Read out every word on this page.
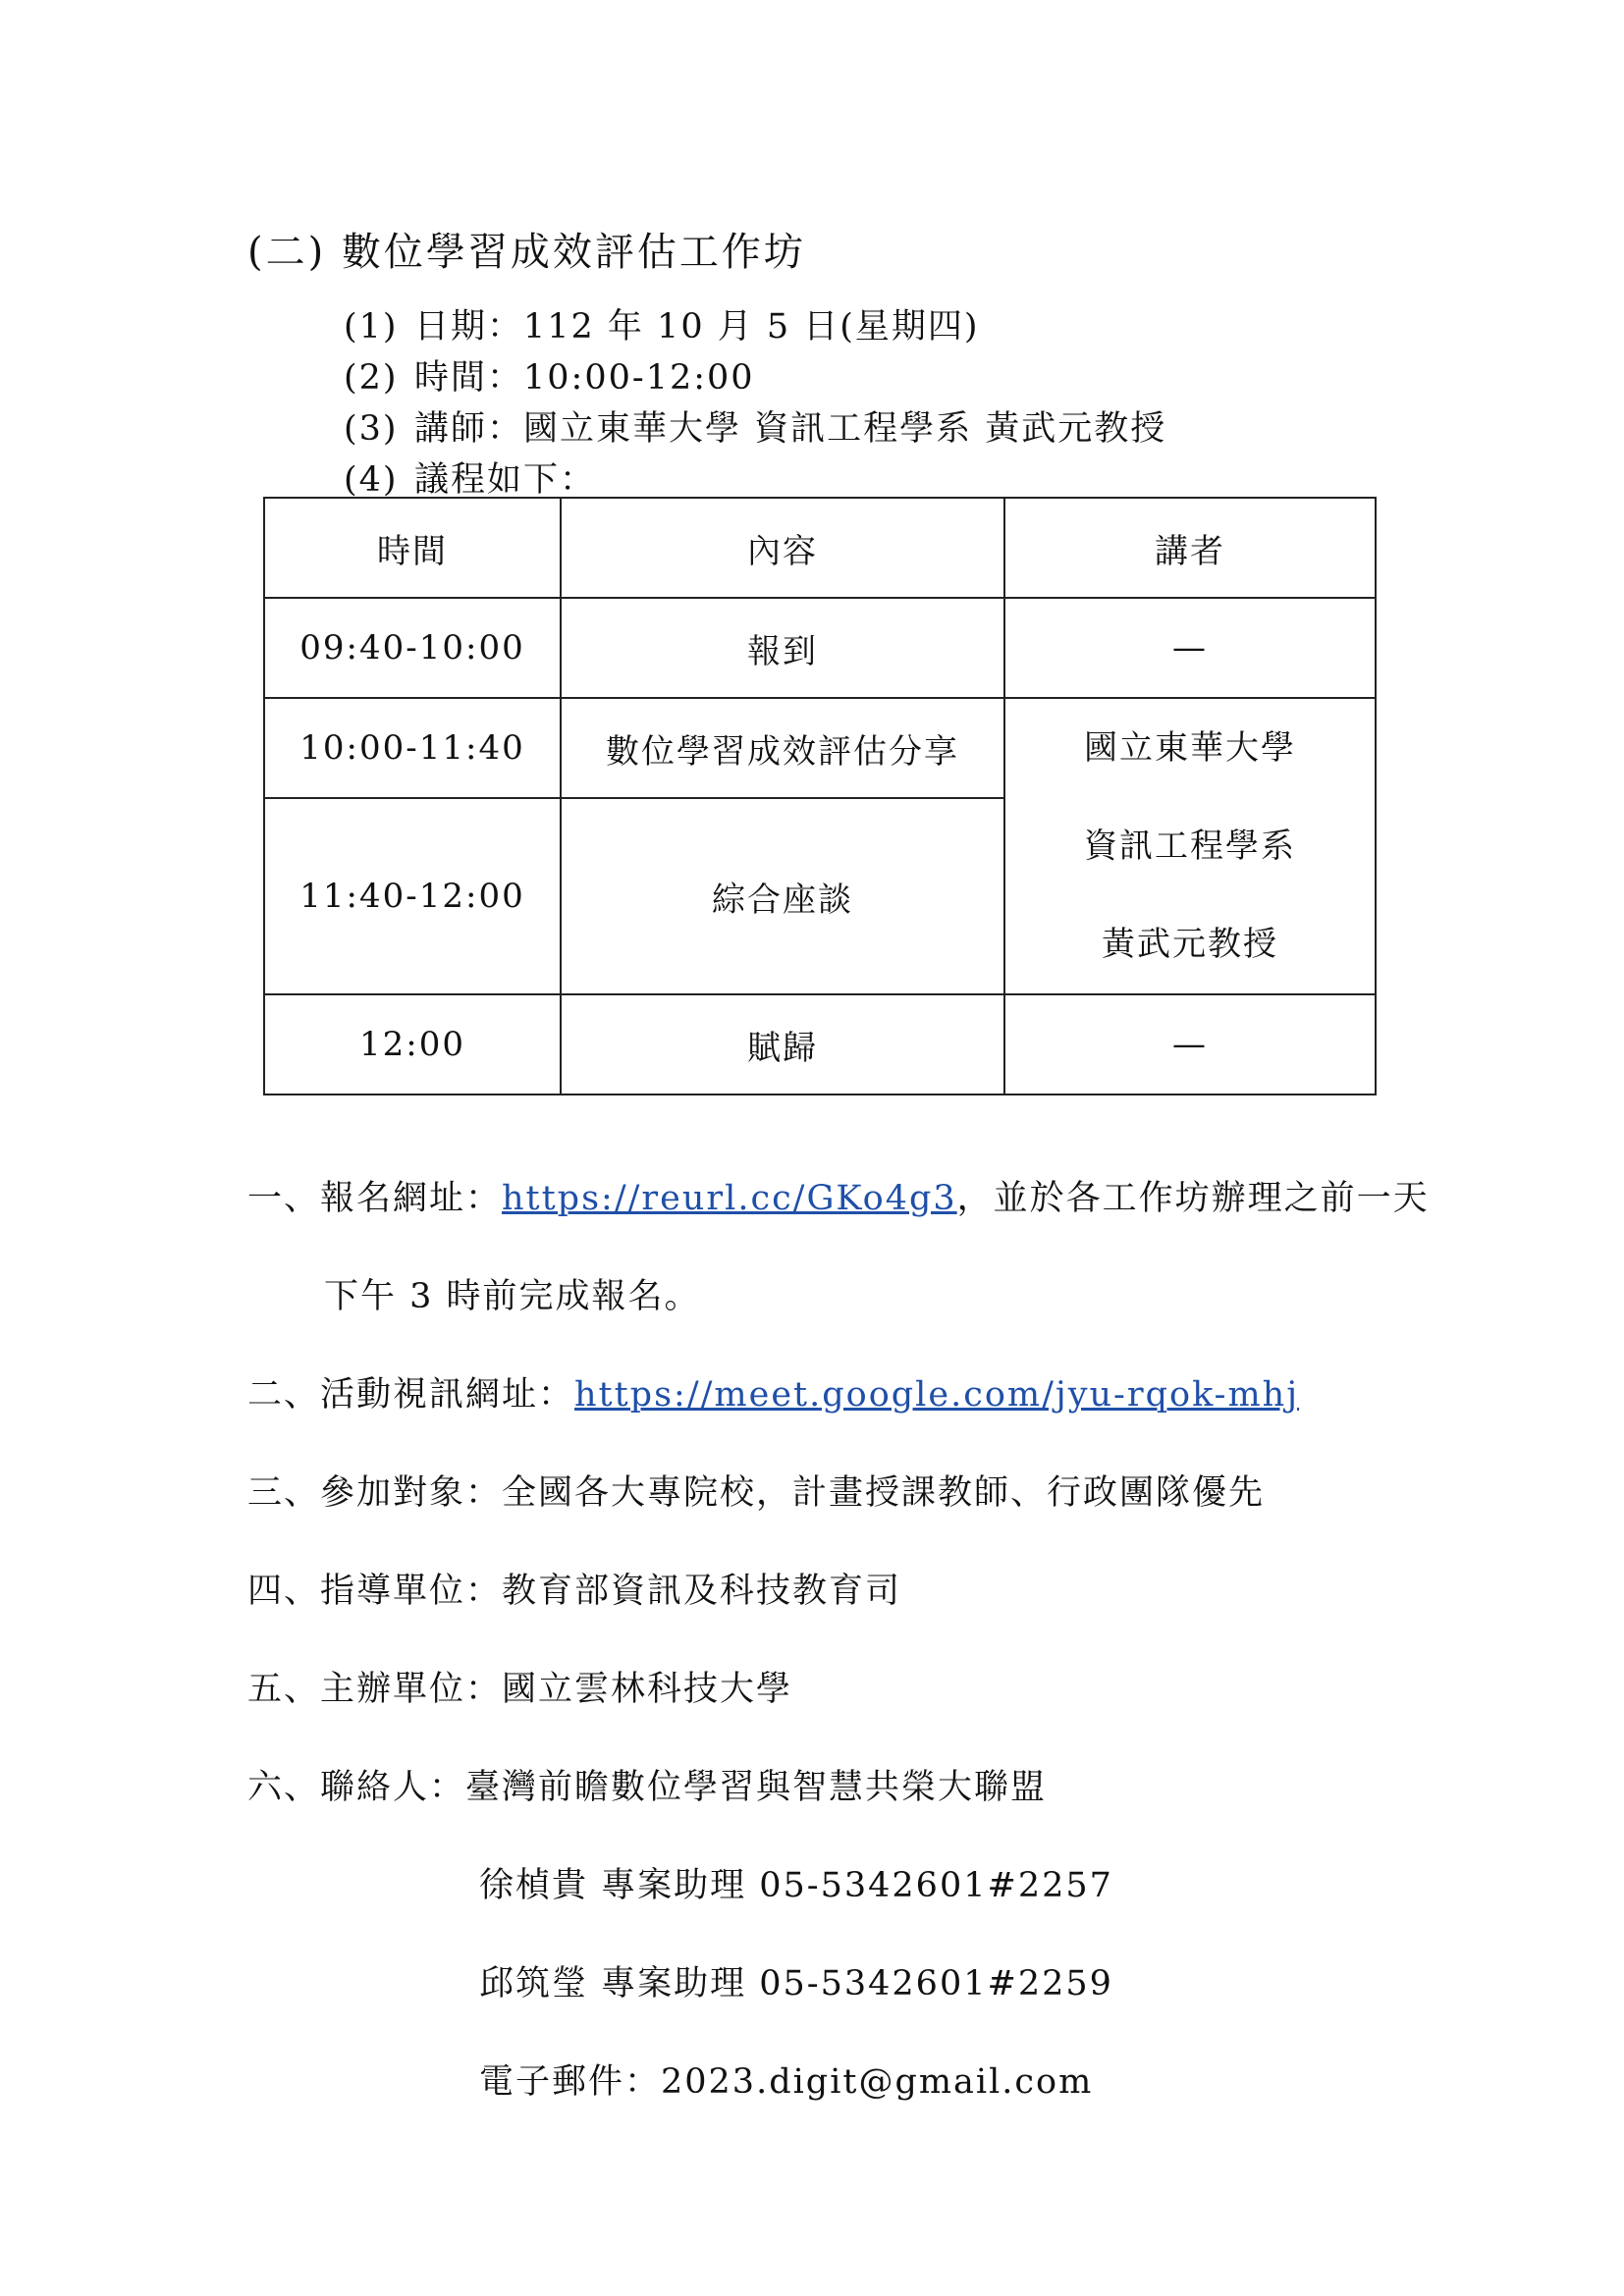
(二) 數位學習成效評估工作坊
(1) 日期：112 年 10 月 5 日(星期四)
(2) 時間：10:00-12:00
(3) 講師：國立東華大學 資訊工程學系 黃武元教授
(4) 議程如下：
時間	內容	講者
09:40-10:00	報到	—
10:00-11:40	數位學習成效評估分享	國立東華大學
資訊工程學系
黃武元教授

11:40-12:00	綜合座談	
12:00	賦歸	—
一、報名網址：https://reurl.cc/GKo4g3，並於各工作坊辦理之前一天
下午 3 時前完成報名。
二、活動視訊網址：https://meet.google.com/jyu-rqok-mhj
三、參加對象：全國各大專院校，計畫授課教師、行政團隊優先
四、指導單位：教育部資訊及科技教育司
五、主辦單位：國立雲林科技大學
六、聯絡人：臺灣前瞻數位學習與智慧共榮大聯盟
徐楨貴 專案助理 05-5342601#2257
邱筑瑩 專案助理 05-5342601#2259
電子郵件：2023.digit@gmail.com
